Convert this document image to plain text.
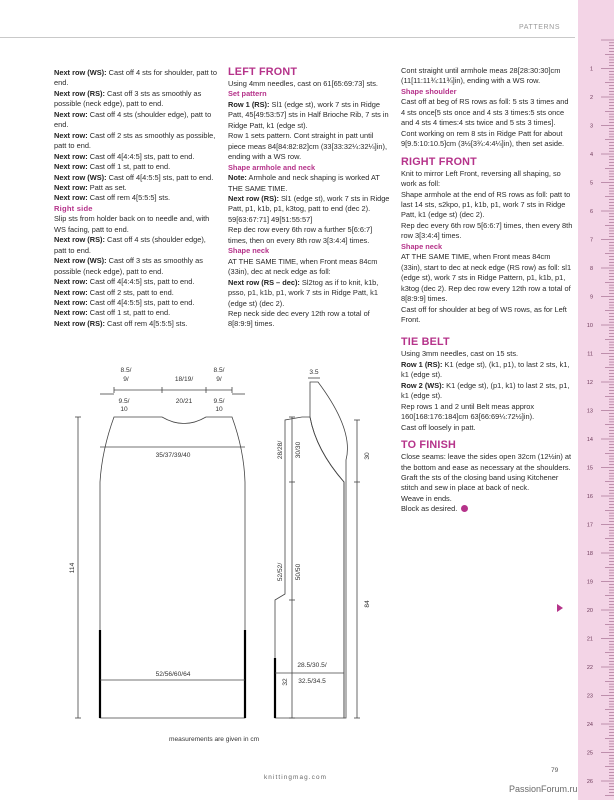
PATTERNS
1
2
3
4
5
6
7
8
9
10
11
12
13
14
15
16
17
18
19
20
21
22
23
24
25
26

Next row (WS): Cast off 4 sts for shoulder, patt to end.

Next row (RS): Cast off 3 sts as smoothly as possible (neck edge), patt to end.

Next row: Cast off 4 sts (shoulder edge), patt to end.

Next row: Cast off 2 sts as smoothly as possible, patt to end.

Next row: Cast off 4[4:4:5] sts, patt to end.

Next row: Cast off 1 st, patt to end.

Next row (WS): Cast off 4[4:5:5] sts, patt to end.

Next row: Patt as set.

Next row: Cast off rem 4[5:5:5] sts.

Right side

Slip sts from holder back on to needle and, with WS facing, patt to end.

Next row (RS): Cast off 4 sts (shoulder edge), patt to end.

Next row (WS): Cast off 3 sts as smoothly as possible (neck edge), patt to end.

Next row: Cast off 4[4:4:5] sts, patt to end.

Next row: Cast off 2 sts, patt to end.

Next row: Cast off 4[4:5:5] sts, patt to end.

Next row: Cast off 1 st, patt to end.

Next row (RS): Cast off rem 4[5:5:5] sts.

LEFT FRONT

Using 4mm needles, cast on 61[65:69:73] sts.

Set pattern

Row 1 (RS): Sl1 (edge st), work 7 sts in Ridge Patt, 45[49:53:57] sts in Half Brioche Rib, 7 sts in Ridge Patt, k1 (edge st).

Row 1 sets pattern. Cont straight in patt until piece meas 84[84:82:82]cm (33[33:32¼:32¼]in), ending with a WS row.

Shape armhole and neck

Note: Armhole and neck shaping is worked AT THE SAME TIME.

Next row (RS): Sl1 (edge st), work 7 sts in Ridge Patt, p1, k1b, p1, k3tog, patt to end (dec 2). 59[63:67:71] 49[51:55:57]

Rep dec row every 6th row a further 5[6:6:7] times, then on every 8th row 3[3:4:4] times.

Shape neck

AT THE SAME TIME, when Front meas 84cm (33in), dec at neck edge as foll:

Next row (RS – dec): Sl2tog as if to knit, k1b, psso, p1, k1b, p1, work 7 sts in Ridge Patt, k1 (edge st) (dec 2).

Rep neck side dec every 12th row a total of 8[8:9:9] times.

Cont straight until armhole meas 28[28:30:30]cm (11[11:11¾:11¾]in), ending with a WS row.

Shape shoulder

Cast off at beg of RS rows as foll: 5 sts 3 times and 4 sts once[5 sts once and 4 sts 3 times:5 sts once and 4 sts 4 times:4 sts twice and 5 sts 3 times].

Cont working on rem 8 sts in Ridge Patt for about 9[9.5:10:10.5]cm (3½[3¾:4:4¼]in), then set aside.

RIGHT FRONT

Knit to mirror Left Front, reversing all shaping, so work as foll:

Shape armhole at the end of RS rows as foll: patt to last 14 sts, s2kpo, p1, k1b, p1, work 7 sts in Ridge Patt, k1 (edge st) (dec 2).

Rep dec every 6th row 5[6:6:7] times, then every 8th row 3[3:4:4] times.

Shape neck

AT THE SAME TIME, when Front meas 84cm (33in), start to dec at neck edge (RS row) as foll: sl1 (edge st), work 7 sts in Ridge Pattern, p1, k1b, p1, k3tog (dec 2). Rep dec row every 12th row a total of 8[8:9:9] times.

Cast off for shoulder at beg of WS rows, as for Left Front.

TIE BELT

Using 3mm needles, cast on 15 sts.

Row 1 (RS): K1 (edge st), (k1, p1), to last 2 sts, k1, k1 (edge st).

Row 2 (WS): K1 (edge st), (p1, k1) to last 2 sts, p1, k1 (edge st).

Rep rows 1 and 2 until Belt meas approx 160[168:176:184]cm 63[66:69¼:72½]in).

Cast off loosely in patt.

TO FINISH

Close seams: leave the sides open 32cm (12½in) at the bottom and ease as necessary at the shoulders. Graft the sts of the closing band using Kitchener stitch and sew in place at back of neck.

Weave in ends.

Block as desired.

8.5/
9/	18/19/
20/21
8.5/
9/
9.5/
10
9.5/
10
35/37/39/40
52/56/60/64
114
3.5
28/28/ 30/30
52/52/ 50/50
32
30
84
28.5/30.5/
32.5/34.5
measurements are given in cm
knittingmag.com
79
PassionForum.ru
